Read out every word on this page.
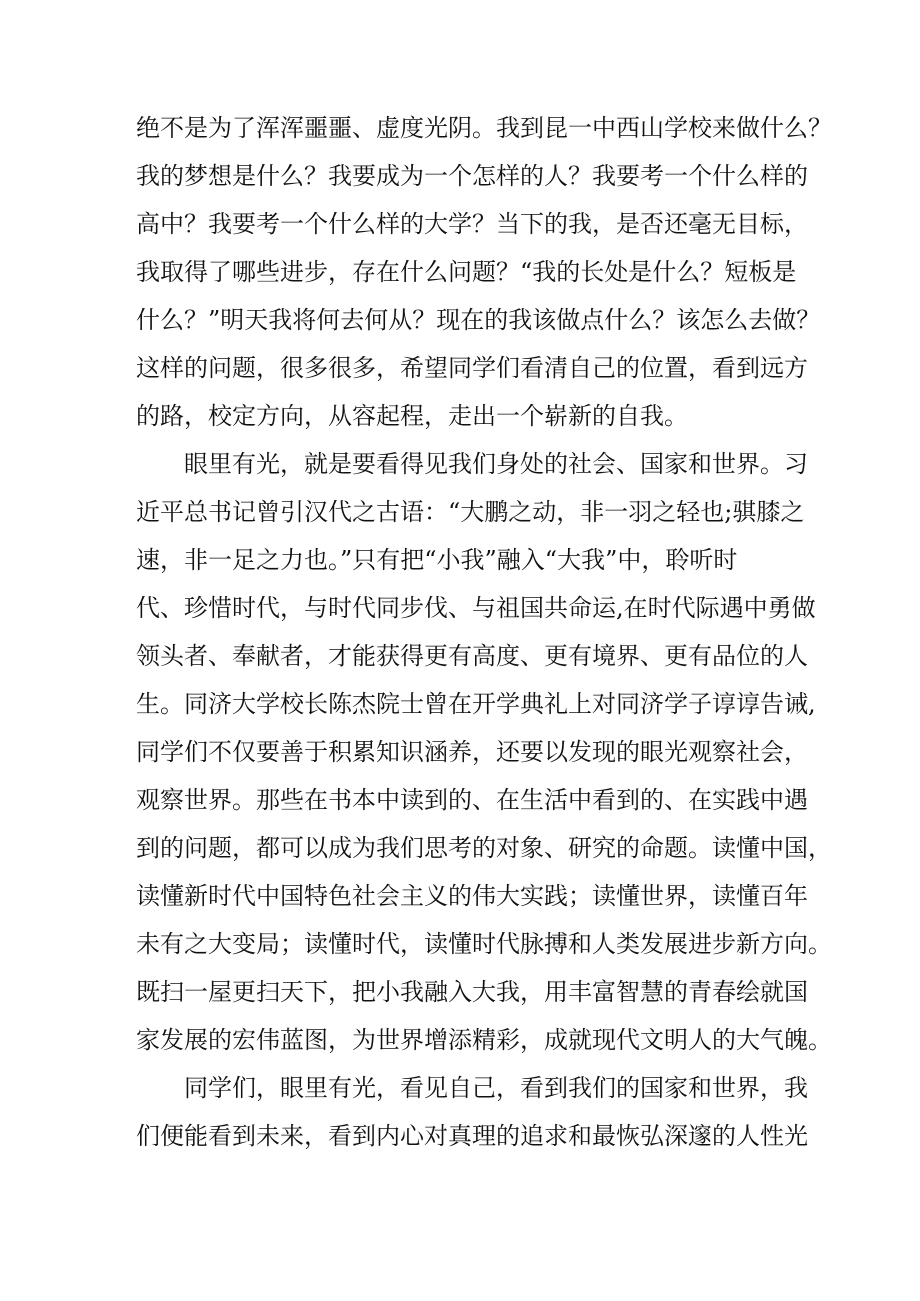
绝不是为了浑浑噩噩、虚度光阴。我到昆一中西山学校来做什么？
我的梦想是什么？我要成为一个怎样的人？我要考一个什么样的
高中？我要考一个什么样的大学？当下的我，是否还毫无目标，
我取得了哪些进步，存在什么问题？“我的长处是什么？短板是
什么？”明天我将何去何从？现在的我该做点什么？该怎么去做？
这样的问题，很多很多，希望同学们看清自己的位置，看到远方
的路，校定方向，从容起程，走出一个崭新的自我。
眼里有光，就是要看得见我们身处的社会、国家和世界。习
近平总书记曾引汉代之古语：“大鹏之动，非一羽之轻也;骐膝之
速，非一足之力也。”只有把“小我”融入“大我”中，聆听时
代、珍惜时代，与时代同步伐、与祖国共命运,在时代际遇中勇做
领头者、奉献者，才能获得更有高度、更有境界、更有品位的人
生。同济大学校长陈杰院士曾在开学典礼上对同济学子谆谆告诫,
同学们不仅要善于积累知识涵养，还要以发现的眼光观察社会，
观察世界。那些在书本中读到的、在生活中看到的、在实践中遇
到的问题，都可以成为我们思考的对象、研究的命题。读懂中国，
读懂新时代中国特色社会主义的伟大实践；读懂世界，读懂百年
未有之大变局；读懂时代，读懂时代脉搏和人类发展进步新方向。
既扫一屋更扫天下，把小我融入大我，用丰富智慧的青春绘就国
家发展的宏伟蓝图，为世界增添精彩，成就现代文明人的大气魄。
同学们，眼里有光，看见自己，看到我们的国家和世界，我
们便能看到未来，看到内心对真理的追求和最恢弘深邃的人性光
